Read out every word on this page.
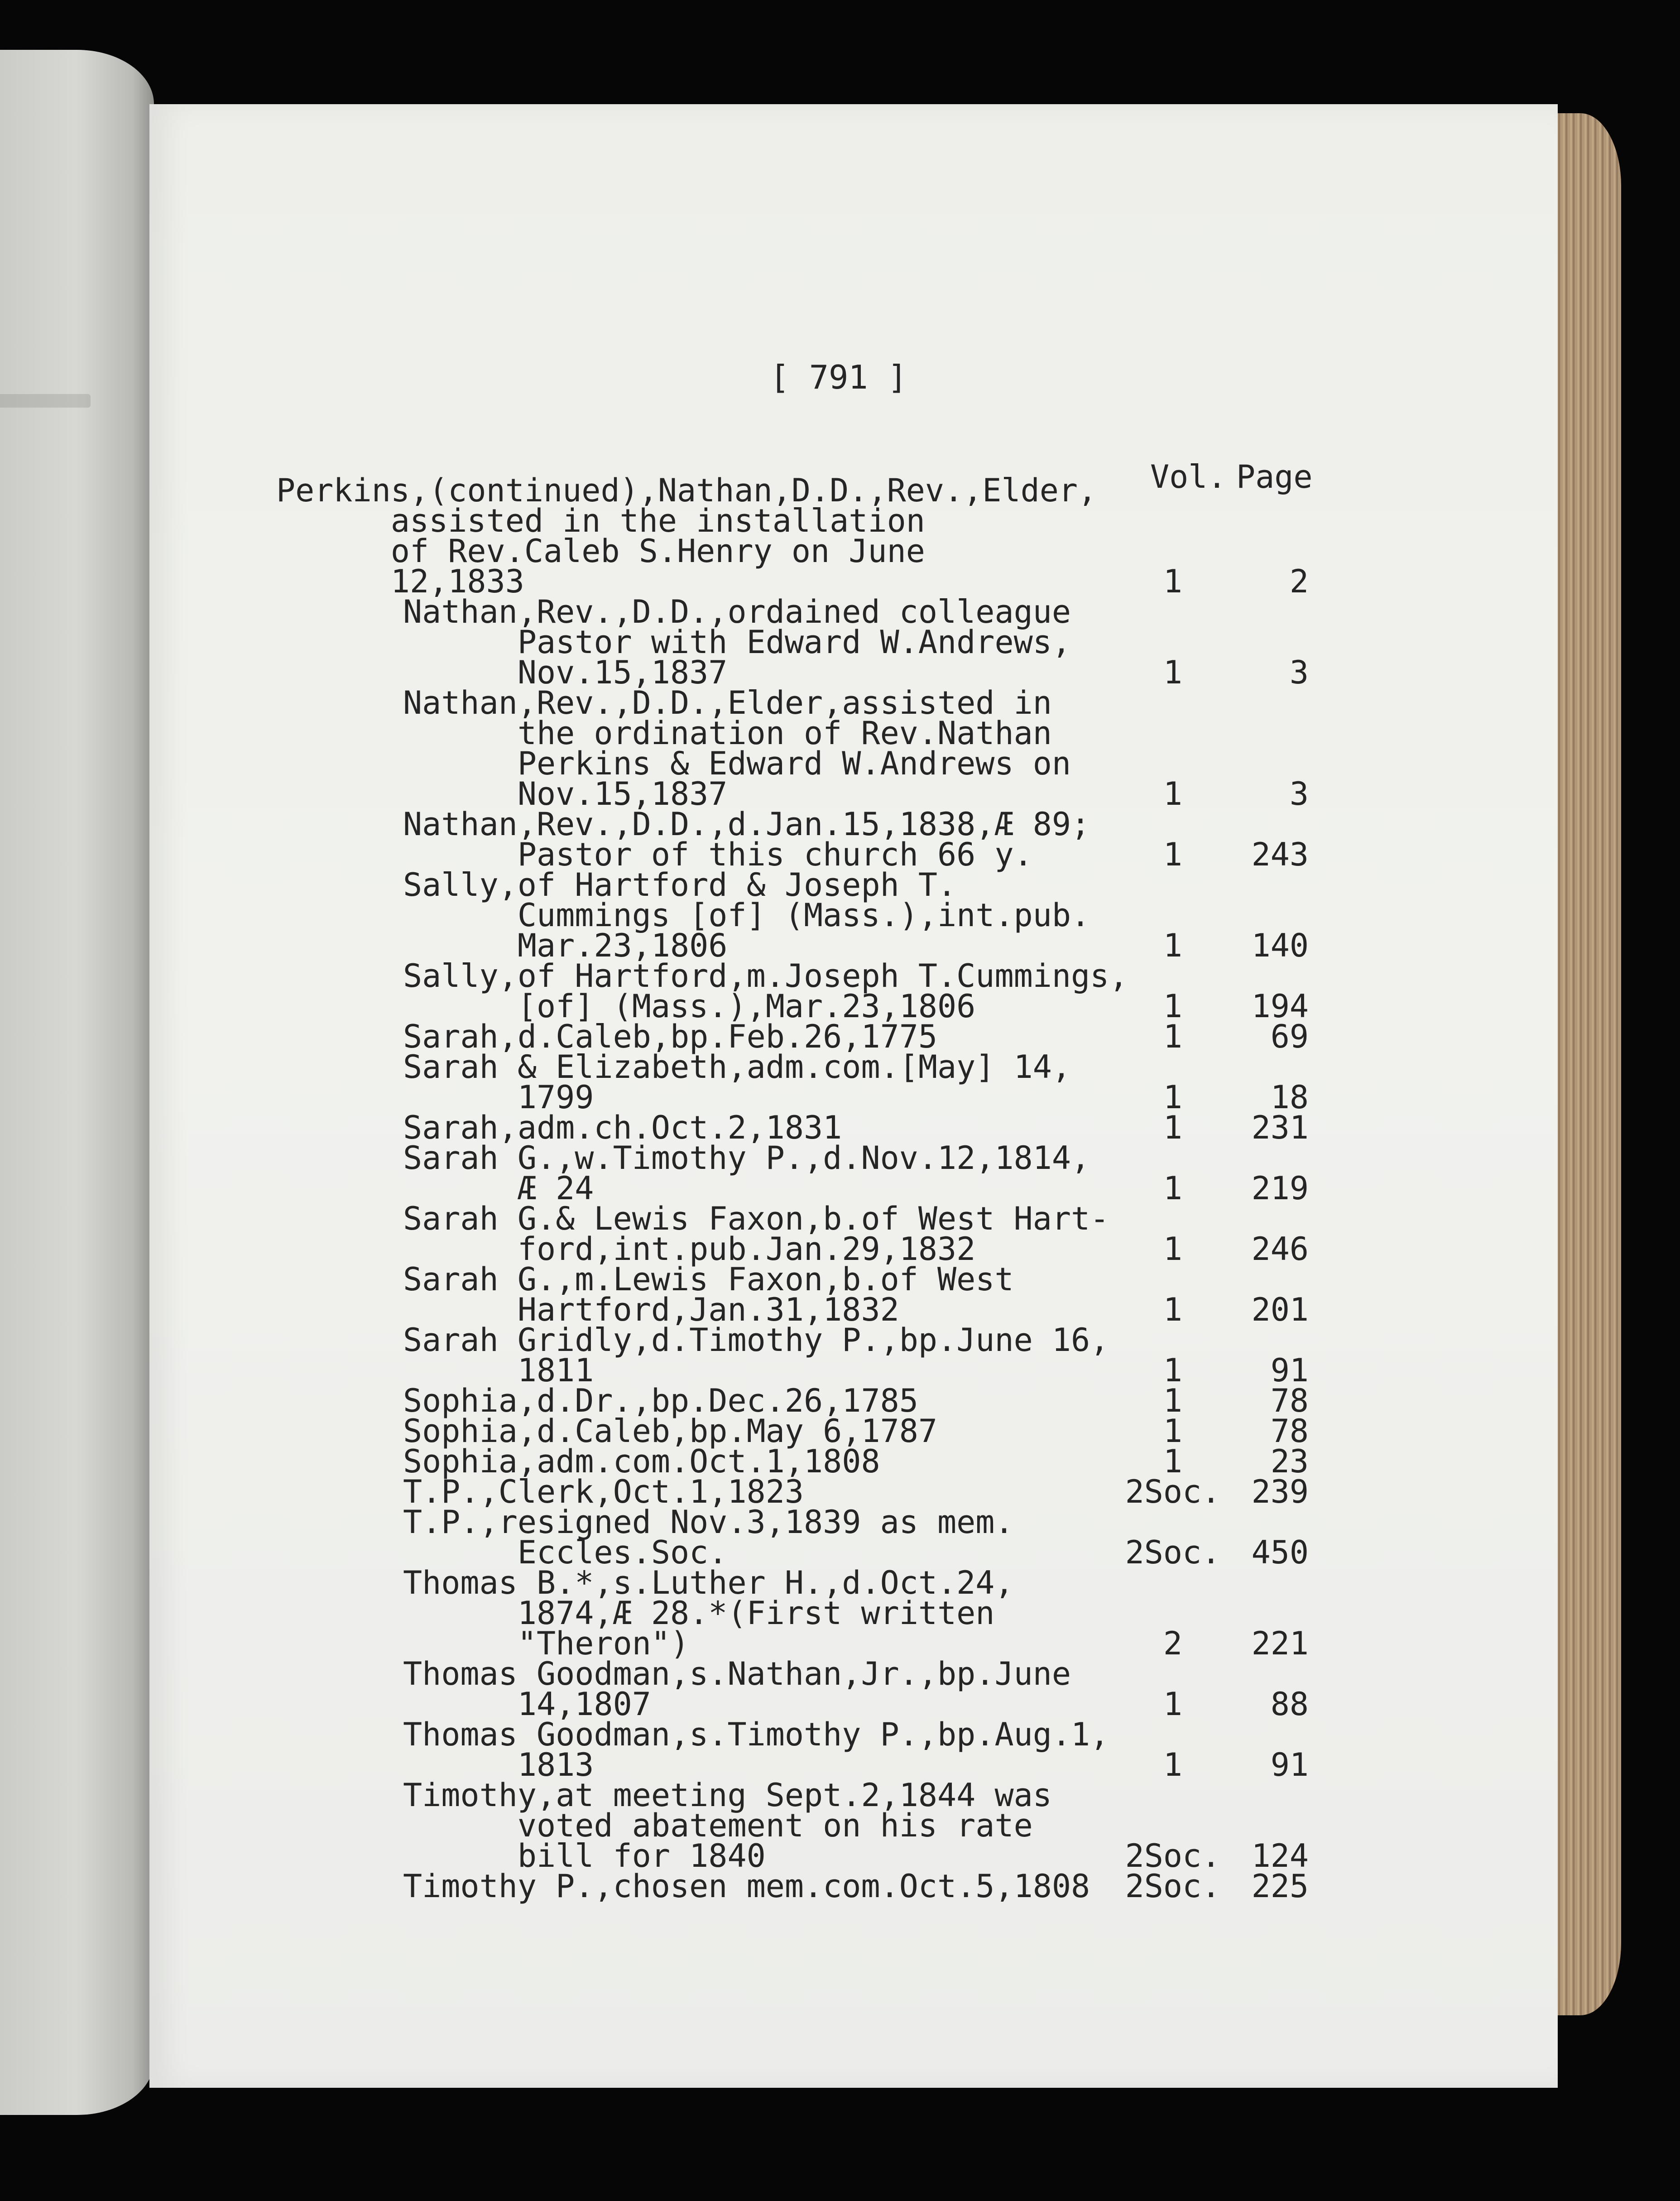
[ 791 ]
Vol. Page
Perkins,(continued),Nathan,D.D.,Rev.,Elder,
assisted in the installation
of Rev.Caleb S.Henry on June
12,1833	1	2
Nathan,Rev.,D.D.,ordained colleague
Pastor with Edward W.Andrews,
Nov.15,1837	1	3
Nathan,Rev.,D.D.,Elder,assisted in
the ordination of Rev.Nathan
Perkins & Edward W.Andrews on
Nov.15,1837	1	3
Nathan,Rev.,D.D.,d.Jan.15,1838,Æ 89;
Pastor of this church 66 y.	1	243
Sally,of Hartford & Joseph T.
Cummings [of] (Mass.),int.pub.
Mar.23,1806	1	140
Sally,of Hartford,m.Joseph T.Cummings,
[of] (Mass.),Mar.23,1806	1	194
Sarah,d.Caleb,bp.Feb.26,1775	1	69
Sarah & Elizabeth,adm.com.[May] 14,
1799	1	18
Sarah,adm.ch.Oct.2,1831	1	231
Sarah G.,w.Timothy P.,d.Nov.12,1814,
Æ 24	1	219
Sarah G.& Lewis Faxon,b.of West Hart-
ford,int.pub.Jan.29,1832	1	246
Sarah G.,m.Lewis Faxon,b.of West
Hartford,Jan.31,1832	1	201
Sarah Gridly,d.Timothy P.,bp.June 16,
1811	1	91
Sophia,d.Dr.,bp.Dec.26,1785	1	78
Sophia,d.Caleb,bp.May 6,1787	1	78
Sophia,adm.com.Oct.1,1808	1	23
T.P.,Clerk,Oct.1,1823	2Soc. 239
T.P.,resigned Nov.3,1839 as mem.
Eccles.Soc.	2Soc. 450
Thomas B.*,s.Luther H.,d.Oct.24,
1874,Æ 28.*(First written
"Theron")	2	221
Thomas Goodman,s.Nathan,Jr.,bp.June
14,1807	1	88
Thomas Goodman,s.Timothy P.,bp.Aug.1,
1813	1	91
Timothy,at meeting Sept.2,1844 was
voted abatement on his rate
bill for 1840	2Soc. 124
Timothy P.,chosen mem.com.Oct.5,1808	2Soc. 225
